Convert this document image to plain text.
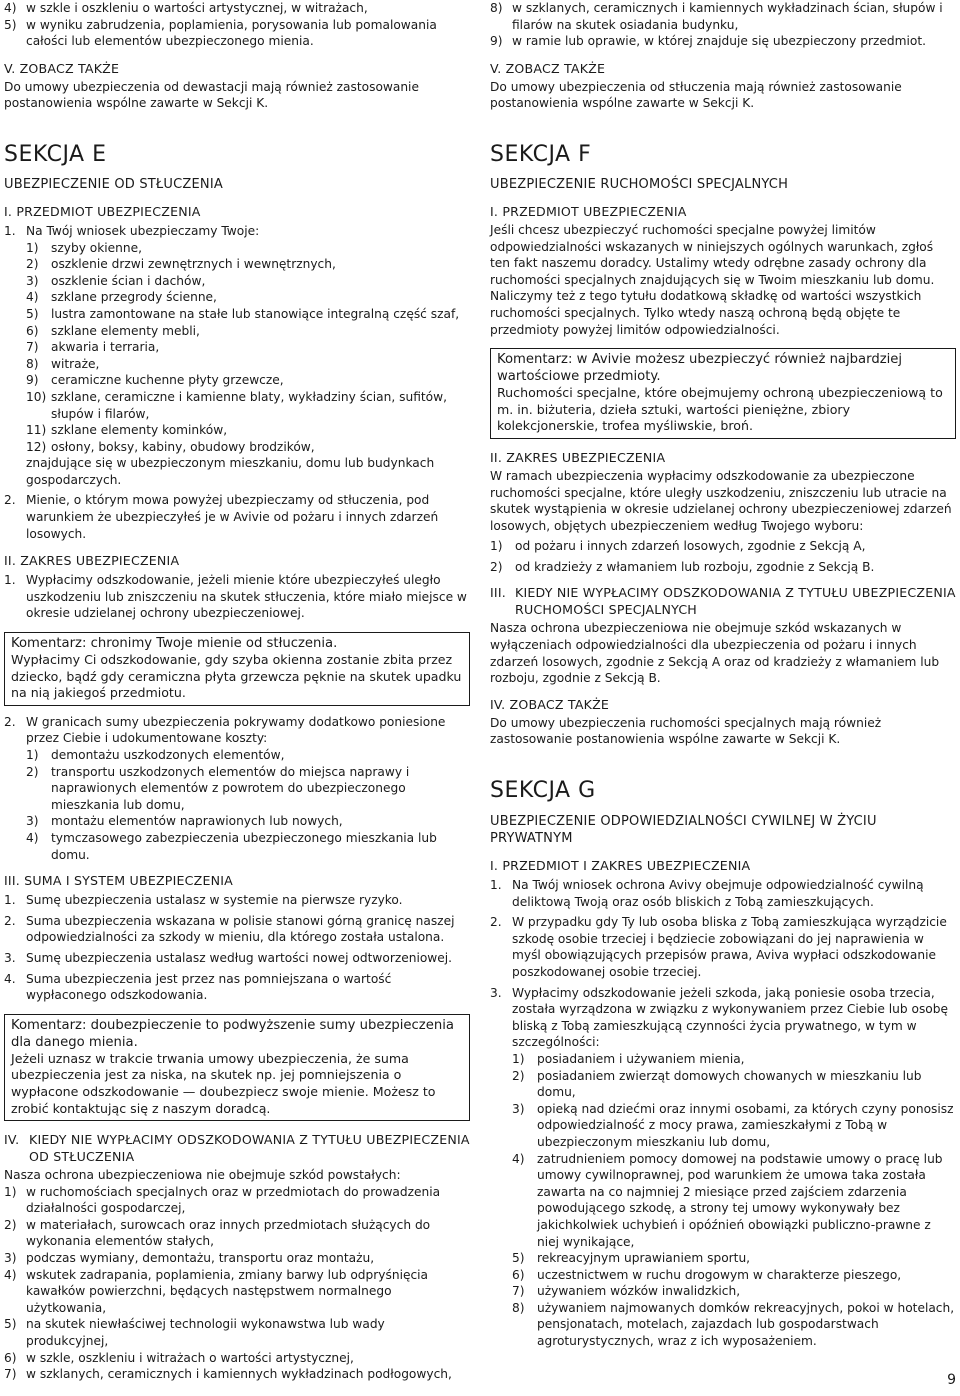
4) w szkle i oszkleniu o wartości artystycznej, w witrażach,
5) w wyniku zabrudzenia, poplamienia, porysowania lub pomalowania całości lub elementów ubezpieczonego mienia.
V. ZOBACZ TAKŻE
Do umowy ubezpieczenia od dewastacji mają również zastosowanie postanowienia wspólne zawarte w Sekcji K.
SEKCJA E
UBEZPIECZENIE OD STŁUCZENIA
I. PRZEDMIOT UBEZPIECZENIA
1. Na Twój wniosek ubezpieczamy Twoje:
1)	szyby okienne,
2)	oszklenie drzwi zewnętrznych i wewnętrznych,
3)	oszklenie ścian i dachów,
4)	szklane przegrody ścienne,
5)	lustra zamontowane na stałe lub stanowiące integralną część szaf,
6)	szklane elementy mebli,
7)	akwaria i terraria,
8)	witraże,
9)	ceramiczne kuchenne płyty grzewcze,
10) szklane, ceramiczne i kamienne blaty, wykładziny ścian, sufitów, słupów i filarów,
11) szklane elementy kominków,
12) osłony, boksy, kabiny, obudowy brodzików,
znajdujące się w ubezpieczonym mieszkaniu, domu lub budynkach gospodarczych.
2. Mienie, o którym mowa powyżej ubezpieczamy od stłuczenia, pod warunkiem że ubezpieczyłeś je w Avivie od pożaru i innych zdarzeń losowych.
II. ZAKRES UBEZPIECZENIA
1. Wypłacimy odszkodowanie, jeżeli mienie które ubezpieczyłeś uległo uszkodzeniu lub zniszczeniu na skutek stłuczenia, które miało miejsce w okresie udzielanej ochrony ubezpieczeniowej.
Komentarz: chronimy Twoje mienie od stłuczenia.
Wypłacimy Ci odszkodowanie, gdy szyba okienna zostanie zbita przez dziecko, bądź gdy ceramiczna płyta grzewcza pęknie na skutek upadku na nią jakiegoś przedmiotu.
2. W granicach sumy ubezpieczenia pokrywamy dodatkowo poniesione przez Ciebie i udokumentowane koszty:
1)	demontażu uszkodzonych elementów,
2)	transportu uszkodzonych elementów do miejsca naprawy i naprawionych elementów z powrotem do ubezpieczonego mieszkania lub domu,
3)	montażu elementów naprawionych lub nowych,
4)	tymczasowego zabezpieczenia ubezpieczonego mieszkania lub domu.
III. SUMA I SYSTEM UBEZPIECZENIA
1. Sumę ubezpieczenia ustalasz w systemie na pierwsze ryzyko.
2. Suma ubezpieczenia wskazana w polisie stanowi górną granicę naszej odpowiedzialności za szkody w mieniu, dla którego została ustalona.
3. Sumę ubezpieczenia ustalasz według wartości nowej odtworzeniowej.
4. Suma ubezpieczenia jest przez nas pomniejszana o wartość wypłaconego odszkodowania.
Komentarz: doubezpieczenie to podwyższenie sumy ubezpieczenia dla danego mienia.
Jeżeli uznasz w trakcie trwania umowy ubezpieczenia, że suma ubezpieczenia jest za niska, na skutek np. jej pomniejszenia o wypłacone odszkodowanie — doubezpiecz swoje mienie. Możesz to zrobić kontaktując się z naszym doradcą.
IV. KIEDY NIE WYPŁACIMY ODSZKODOWANIA Z TYTUŁU UBEZPIECZENIA OD STŁUCZENIA
Nasza ochrona ubezpieczeniowa nie obejmuje szkód powstałych:
1) w ruchomościach specjalnych oraz w przedmiotach do prowadzenia działalności gospodarczej,
2) w materiałach, surowcach oraz innych przedmiotach służących do wykonania elementów stałych,
3) podczas wymiany, demontażu, transportu oraz montażu,
4) wskutek zadrapania, poplamienia, zmiany barwy lub odpryśnięcia kawałków powierzchni, będących następstwem normalnego użytkowania,
5) na skutek niewłaściwej technologii wykonawstwa lub wady produkcyjnej,
6) w szkle, oszkleniu i witrażach o wartości artystycznej,
7) w szklanych, ceramicznych i kamiennych wykładzinach podłogowych,
8) w szklanych, ceramicznych i kamiennych wykładzinach ścian, słupów i filarów na skutek osiadania budynku,
9) w ramie lub oprawie, w której znajduje się ubezpieczony przedmiot.
V. ZOBACZ TAKŻE
Do umowy ubezpieczenia od stłuczenia mają również zastosowanie postanowienia wspólne zawarte w Sekcji K.
SEKCJA F
UBEZPIECZENIE RUCHOMOŚCI SPECJALNYCH
I. PRZEDMIOT UBEZPIECZENIA
Jeśli chcesz ubezpieczyć ruchomości specjalne powyżej limitów odpowiedzialności wskazanych w niniejszych ogólnych warunkach, zgłoś ten fakt naszemu doradcy. Ustalimy wtedy odrębne zasady ochrony dla ruchomości specjalnych znajdujących się w Twoim mieszkaniu lub domu. Naliczymy też z tego tytułu dodatkową składkę od wartości wszystkich ruchomości specjalnych. Tylko wtedy naszą ochroną będą objęte te przedmioty powyżej limitów odpowiedzialności.
Komentarz: w Avivie możesz ubezpieczyć również najbardziej wartościowe przedmioty.
Ruchomości specjalne, które obejmujemy ochroną ubezpieczeniową to m. in. biżuteria, dzieła sztuki, wartości pieniężne, zbiory kolekcjonerskie, trofea myśliwskie, broń.
II. ZAKRES UBEZPIECZENIA
W ramach ubezpieczenia wypłacimy odszkodowanie za ubezpieczone ruchomości specjalne, które uległy uszkodzeniu, zniszczeniu lub utracie na skutek wystąpienia w okresie udzielanej ochrony ubezpieczeniowej zdarzeń losowych, objętych ubezpieczeniem według Twojego wyboru:
1)	od pożaru i innych zdarzeń losowych, zgodnie z Sekcją A,
2)	od kradzieży z włamaniem lub rozboju, zgodnie z Sekcją B.
III. KIEDY NIE WYPŁACIMY ODSZKODOWANIA Z TYTUŁU UBEZPIECZENIA RUCHOMOŚCI SPECJALNYCH
Nasza ochrona ubezpieczeniowa nie obejmuje szkód wskazanych w wyłączeniach odpowiedzialności dla ubezpieczenia od pożaru i innych zdarzeń losowych, zgodnie z Sekcją A oraz od kradzieży z włamaniem lub rozboju, zgodnie z Sekcją B.
IV. ZOBACZ TAKŻE
Do umowy ubezpieczenia ruchomości specjalnych mają również zastosowanie postanowienia wspólne zawarte w Sekcji K.
SEKCJA G
UBEZPIECZENIE ODPOWIEDZIALNOŚCI CYWILNEJ W ŻYCIU PRYWATNYM
I. PRZEDMIOT I ZAKRES UBEZPIECZENIA
1. Na Twój wniosek ochrona Avivy obejmuje odpowiedzialność cywilną deliktową Twoją oraz osób bliskich z Tobą zamieszkujących.
2. W przypadku gdy Ty lub osoba bliska z Tobą zamieszkująca wyrządzicie szkodę osobie trzeciej i będziecie zobowiązani do jej naprawienia w myśl obowiązujących przepisów prawa, Aviva wypłaci odszkodowanie poszkodowanej osobie trzeciej.
3. Wypłacimy odszkodowanie jeżeli szkoda, jaką poniesie osoba trzecia, została wyrządzona w związku z wykonywaniem przez Ciebie lub osobę bliską z Tobą zamieszkującą czynności życia prywatnego, w tym w szczególności:
1)	posiadaniem i używaniem mienia,
2)	posiadaniem zwierząt domowych chowanych w mieszkaniu lub domu,
3)	opieką nad dziećmi oraz innymi osobami, za których czyny ponosisz odpowiedzialność z mocy prawa, zamieszkałymi z Tobą w ubezpieczonym mieszkaniu lub domu,
4)	zatrudnieniem pomocy domowej na podstawie umowy o pracę lub umowy cywilnoprawnej, pod warunkiem że umowa taka została zawarta na co najmniej 2 miesiące przed zajściem zdarzenia powodującego szkodę, a strony tej umowy wykonywały bez jakichkolwiek uchybień i opóźnień obowiązki publiczno-prawne z niej wynikające,
5)	rekreacyjnym uprawianiem sportu,
6)	uczestnictwem w ruchu drogowym w charakterze pieszego,
7)	używaniem wózków inwalidzkich,
8)	używaniem najmowanych domków rekreacyjnych, pokoi w hotelach, pensjonatach, motelach, zajazdach lub gospodarstwach agroturystycznych, wraz z ich wyposażeniem.
9
